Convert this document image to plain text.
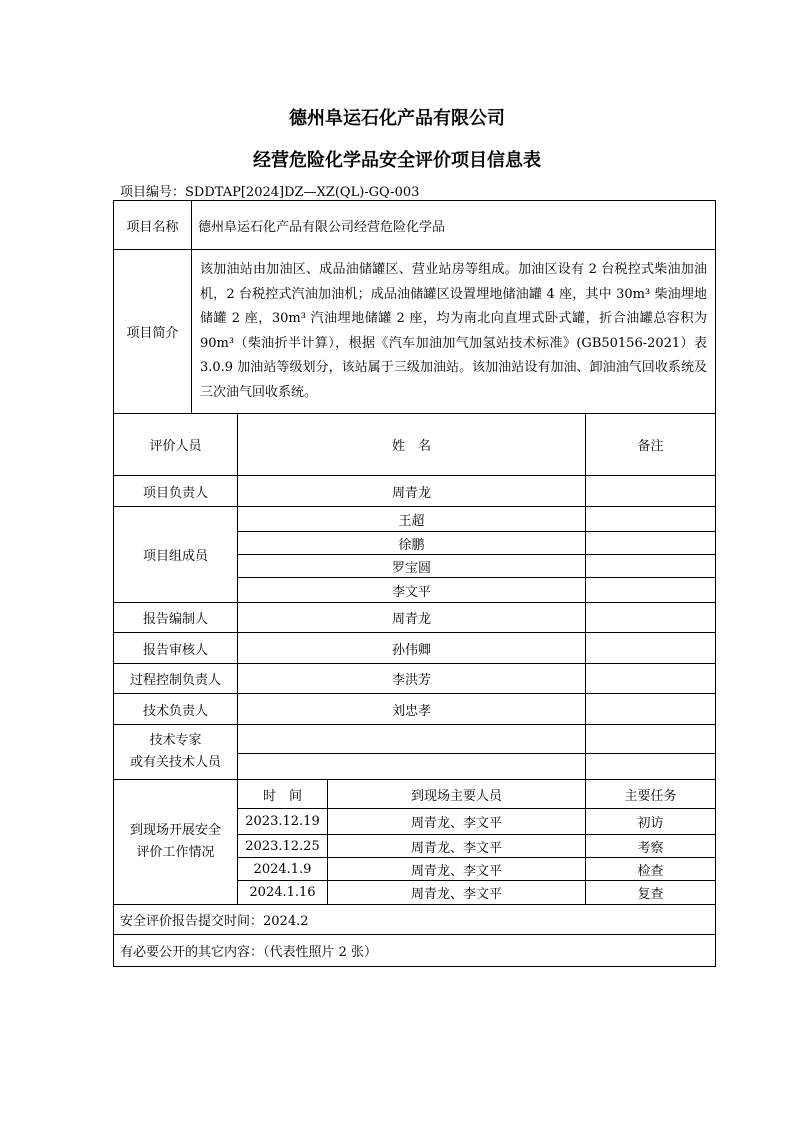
德州阜运石化产品有限公司
经营危险化学品安全评价项目信息表
项目编号：SDDTAP[2024]DZ—XZ(QL)-GQ-003
项目名称	德州阜运石化产品有限公司经营危险化学品			
项目简介	该加油站由加油区、成品油储罐区、营业站房等组成。加油区设有 2 台税控式柴油加油机，2 台税控式汽油加油机；成品油储罐区设置埋地储油罐 4 座，其中 30m³ 柴油埋地储罐 2 座，30m³ 汽油埋地储罐 2 座，均为南北向直埋式卧式罐，折合油罐总容积为 90m³（柴油折半计算），根据《汽车加油加气加氢站技术标准》(GB50156-2021）表 3.0.9 加油站等级划分，该站属于三级加油站。该加油站设有加油、卸油油气回收系统及三次油气回收系统。			
评价人员		姓　名		备注
项目负责人		周青龙		
项目组成员		王超		
		徐鹏		
		罗宝圆		
		李文平		
报告编制人		周青龙		
报告审核人		孙伟卿		
过程控制负责人		李洪芳		
技术负责人		刘忠孝		
技术专家
或有关技术人员				

到现场开展安全
评价工作情况		时　间	到现场主要人员	主要任务
		2023.12.19	周青龙、李文平	初访
		2023.12.25	周青龙、李文平	考察
		2024.1.9	周青龙、李文平	检查
		2024.1.16	周青龙、李文平	复查
安全评价报告提交时间：2024.2				
有必要公开的其它内容：（代表性照片 2 张）				
